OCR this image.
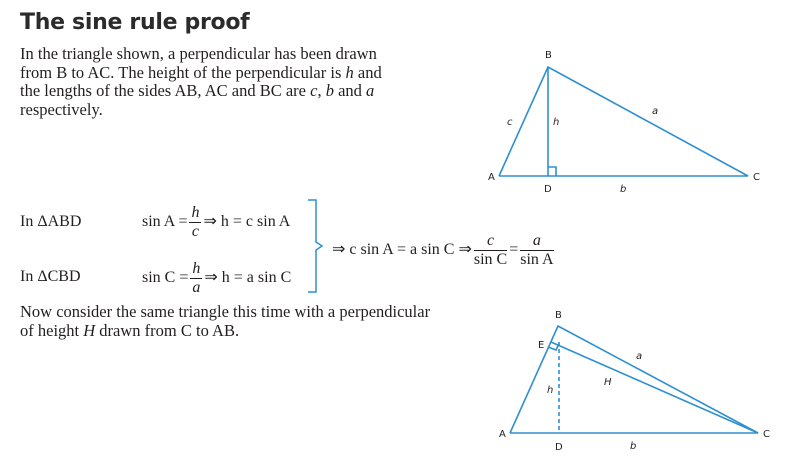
The sine rule proof
In the triangle shown, a perpendicular has been drawn
from B to AC. The height of the perpendicular is h and
the lengths of the sides AB, AC and BC are c, b and a
respectively.
B
A	C
D
a
b
c	h
In ΔABD	$\sin A = \frac{h}{c}$ ⇒ h = c sin A
In ΔCBD	$\sin C = \frac{h}{a}$ ⇒ h = a sin C
⇒ c sin A = a sin C ⇒ $\frac{c}{\text{sin C}} = \frac{a}{\text{sin A}}$
Now consider the same triangle this time with a perpendicular
of height H drawn from C to AB.
B
E
A	C
D
a
b
h
H
